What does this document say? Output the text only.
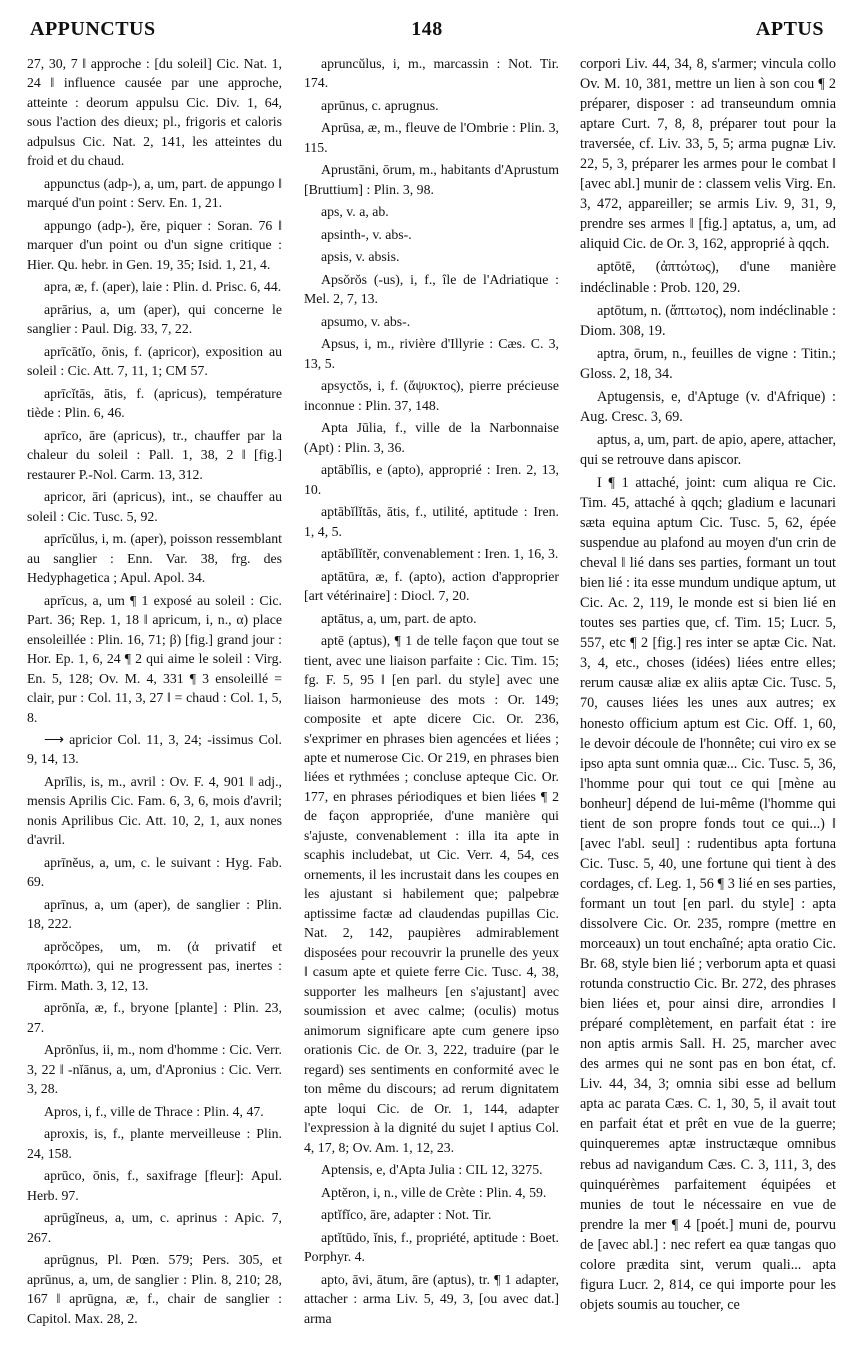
APPUNCTUS	148	APTUS

27, 30, 7 ‖ approche : [du soleil] Cic. Nat. 1, 24 ‖ influence causée par une approche, atteinte : deorum appulsu Cic. Div. 1, 64, sous l'action des dieux; pl., frigoris et caloris adpulsus Cic. Nat. 2, 141, les atteintes du froid et du chaud.

appunctus (adp-), a, um, part. de appungo ‖ marqué d'un point : Serv. En. 1, 21.

appungo (adp-), ĕre, piquer : Soran. 76 ‖ marquer d'un point ou d'un signe critique : Hier. Qu. hebr. in Gen. 19, 35; Isid. 1, 21, 4.

apra, æ, f. (aper), laie : Plin. d. Prisc. 6, 44.

aprārius, a, um (aper), qui concerne le sanglier : Paul. Dig. 33, 7, 22.

aprīcātĭo, ōnis, f. (apricor), exposition au soleil : Cic. Att. 7, 11, 1; CM 57.

aprīcĭtās, ātis, f. (apricus), température tiède : Plin. 6, 46.

aprīco, āre (apricus), tr., chauffer par la chaleur du soleil : Pall. 1, 38, 2 ‖ [fig.] restaurer P.-Nol. Carm. 13, 312.

apricor, āri (apricus), int., se chauffer au soleil : Cic. Tusc. 5, 92.

aprīcŭlus, i, m. (aper), poisson ressemblant au sanglier : Enn. Var. 38, frg. des Hedyphagetica ; Apul. Apol. 34.

aprīcus, a, um ¶ 1 exposé au soleil : Cic. Part. 36; Rep. 1, 18 ‖ apricum, i, n., α) place ensoleillée : Plin. 16, 71; β) [fig.] grand jour : Hor. Ep. 1, 6, 24 ¶ 2 qui aime le soleil : Virg. En. 5, 128; Ov. M. 4, 331 ¶ 3 ensoleillé = clair, pur : Col. 11, 3, 27 ‖ = chaud : Col. 1, 5, 8.

⟶ apricior Col. 11, 3, 24; -issimus Col. 9, 14, 13.

Aprīlis, is, m., avril : Ov. F. 4, 901 ‖ adj., mensis Aprilis Cic. Fam. 6, 3, 6, mois d'avril; nonis Aprilibus Cic. Att. 10, 2, 1, aux nones d'avril.

aprīnĕus, a, um, c. le suivant : Hyg. Fab. 69.

aprīnus, a, um (aper), de sanglier : Plin. 18, 222.

aprŏcŏpes, um, m. (ἀ privatif et προκόπτω), qui ne progressent pas, inertes : Firm. Math. 3, 12, 13.

aprōnĭa, æ, f., bryone [plante] : Plin. 23, 27.

Aprōnĭus, ii, m., nom d'homme : Cic. Verr. 3, 22 ‖ -nĭānus, a, um, d'Apronius : Cic. Verr. 3, 28.

Apros, i, f., ville de Thrace : Plin. 4, 47.

aproxis, is, f., plante merveilleuse : Plin. 24, 158.

aprūco, ōnis, f., saxifrage [fleur]: Apul. Herb. 97.

aprūgĭneus, a, um, c. aprinus : Apic. 7, 267.

aprūgnus, Pl. Pœn. 579; Pers. 305, et aprūnus, a, um, de sanglier : Plin. 8, 210; 28, 167 ‖ aprūgna, æ, f., chair de sanglier : Capitol. Max. 28, 2.

apruncŭlus, i, m., marcassin : Not. Tir. 174.

aprūnus, c. aprugnus.

Aprūsa, æ, m., fleuve de l'Ombrie : Plin. 3, 115.

Aprustāni, ōrum, m., habitants d'Aprustum [Bruttium] : Plin. 3, 98.

aps, v. a, ab.

apsinth-, v. abs-.

apsis, v. absis.

Apsŏrŏs (-us), i, f., île de l'Adriatique : Mel. 2, 7, 13.

apsumo, v. abs-.

Apsus, i, m., rivière d'Illyrie : Cæs. C. 3, 13, 5.

apsyctŏs, i, f. (ἄψυκτος), pierre précieuse inconnue : Plin. 37, 148.

Apta Jūlia, f., ville de la Narbonnaise (Apt) : Plin. 3, 36.

aptābĭlis, e (apto), approprié : Iren. 2, 13, 10.

aptābĭlĭtās, ātis, f., utilité, aptitude : Iren. 1, 4, 5.

aptābĭlĭtĕr, convenablement : Iren. 1, 16, 3.

aptātūra, æ, f. (apto), action d'approprier [art vétérinaire] : Diocl. 7, 20.

aptātus, a, um, part. de apto.

aptē (aptus), ¶ 1 de telle façon que tout se tient, avec une liaison parfaite : Cic. Tim. 15; fg. F. 5, 95 ‖ [en parl. du style] avec une liaison harmonieuse des mots : Or. 149; composite et apte dicere Cic. Or. 236, s'exprimer en phrases bien agencées et liées ; apte et numerose Cic. Or 219, en phrases bien liées et rythmées ; concluse apteque Cic. Or. 177, en phrases périodiques et bien liées ¶ 2 de façon appropriée, d'une manière qui s'ajuste, convenablement : illa ita apte in scaphis includebat, ut Cic. Verr. 4, 54, ces ornements, il les incrustait dans les coupes en les ajustant si habilement que; palpebræ aptissime factæ ad claudendas pupillas Cic. Nat. 2, 142, paupières admirablement disposées pour recouvrir la prunelle des yeux ‖ casum apte et quiete ferre Cic. Tusc. 4, 38, supporter les malheurs [en s'ajustant] avec soumission et avec calme; (oculis) motus animorum significare apte cum genere ipso orationis Cic. de Or. 3, 222, traduire (par le regard) ses sentiments en conformité avec le ton même du discours; ad rerum dignitatem apte loqui Cic. de Or. 1, 144, adapter l'expression à la dignité du sujet ‖ aptius Col. 4, 17, 8; Ov. Am. 1, 12, 23.

Aptensis, e, d'Apta Julia : CIL 12, 3275.

Aptĕron, i, n., ville de Crète : Plin. 4, 59.

aptĭfĭco, āre, adapter : Not. Tir.

aptĭtūdo, ĭnis, f., propriété, aptitude : Boet. Porphyr. 4.

apto, āvi, ātum, āre (aptus), tr. ¶ 1 adapter, attacher : arma Liv. 5, 49, 3, [ou avec dat.] arma

corpori Liv. 44, 34, 8, s'armer; vincula collo Ov. M. 10, 381, mettre un lien à son cou ¶ 2 préparer, disposer : ad transeundum omnia aptare Curt. 7, 8, 8, préparer tout pour la traversée, cf. Liv. 33, 5, 5; arma pugnæ Liv. 22, 5, 3, préparer les armes pour le combat ‖ [avec abl.] munir de : classem velis Virg. En. 3, 472, appareiller; se armis Liv. 9, 31, 9, prendre ses armes ‖ [fig.] aptatus, a, um, ad aliquid Cic. de Or. 3, 162, approprié à qqch.

aptōtē, (ἀπτώτως), d'une manière indéclinable : Prob. 120, 29.

aptōtum, n. (ἄπτωτος), nom indéclinable : Diom. 308, 19.

aptra, ōrum, n., feuilles de vigne : Titin.; Gloss. 2, 18, 34.

Aptugensis, e, d'Aptuge (v. d'Afrique) : Aug. Cresc. 3, 69.

aptus, a, um, part. de apio, apere, attacher, qui se retrouve dans apiscor.

I ¶ 1 attaché, joint: cum aliqua re Cic. Tim. 45, attaché à qqch; gladium e lacunari sæta equina aptum Cic. Tusc. 5, 62, épée suspendue au plafond au moyen d'un crin de cheval ‖ lié dans ses parties, formant un tout bien lié : ita esse mundum undique aptum, ut Cic. Ac. 2, 119, le monde est si bien lié en toutes ses parties que, cf. Tim. 15; Lucr. 5, 557, etc ¶ 2 [fig.] res inter se aptæ Cic. Nat. 3, 4, etc., choses (idées) liées entre elles; rerum causæ aliæ ex aliis aptæ Cic. Tusc. 5, 70, causes liées les unes aux autres; ex honesto officium aptum est Cic. Off. 1, 60, le devoir découle de l'honnête; cui viro ex se ipso apta sunt omnia quæ... Cic. Tusc. 5, 36, l'homme pour qui tout ce qui [mène au bonheur] dépend de lui-même (l'homme qui tient de son propre fonds tout ce qui...) ‖ [avec l'abl. seul] : rudentibus apta fortuna Cic. Tusc. 5, 40, une fortune qui tient à des cordages, cf. Leg. 1, 56 ¶ 3 lié en ses parties, formant un tout [en parl. du style] : apta dissolvere Cic. Or. 235, rompre (mettre en morceaux) un tout enchaîné; apta oratio Cic. Br. 68, style bien lié ; verborum apta et quasi rotunda constructio Cic. Br. 272, des phrases bien liées et, pour ainsi dire, arrondies ‖ préparé complètement, en parfait état : ire non aptis armis Sall. H. 25, marcher avec des armes qui ne sont pas en bon état, cf. Liv. 44, 34, 3; omnia sibi esse ad bellum apta ac parata Cæs. C. 1, 30, 5, il avait tout en parfait état et prêt en vue de la guerre; quinqueremes aptæ instructæque omnibus rebus ad navigandum Cæs. C. 3, 111, 3, des quinquérèmes parfaitement équipées et munies de tout le nécessaire en vue de prendre la mer ¶ 4 [poét.] muni de, pourvu de [avec abl.] : nec refert ea quæ tangas quo colore prædita sint, verum quali... apta figura Lucr. 2, 814, ce qui importe pour les objets soumis au toucher, ce
